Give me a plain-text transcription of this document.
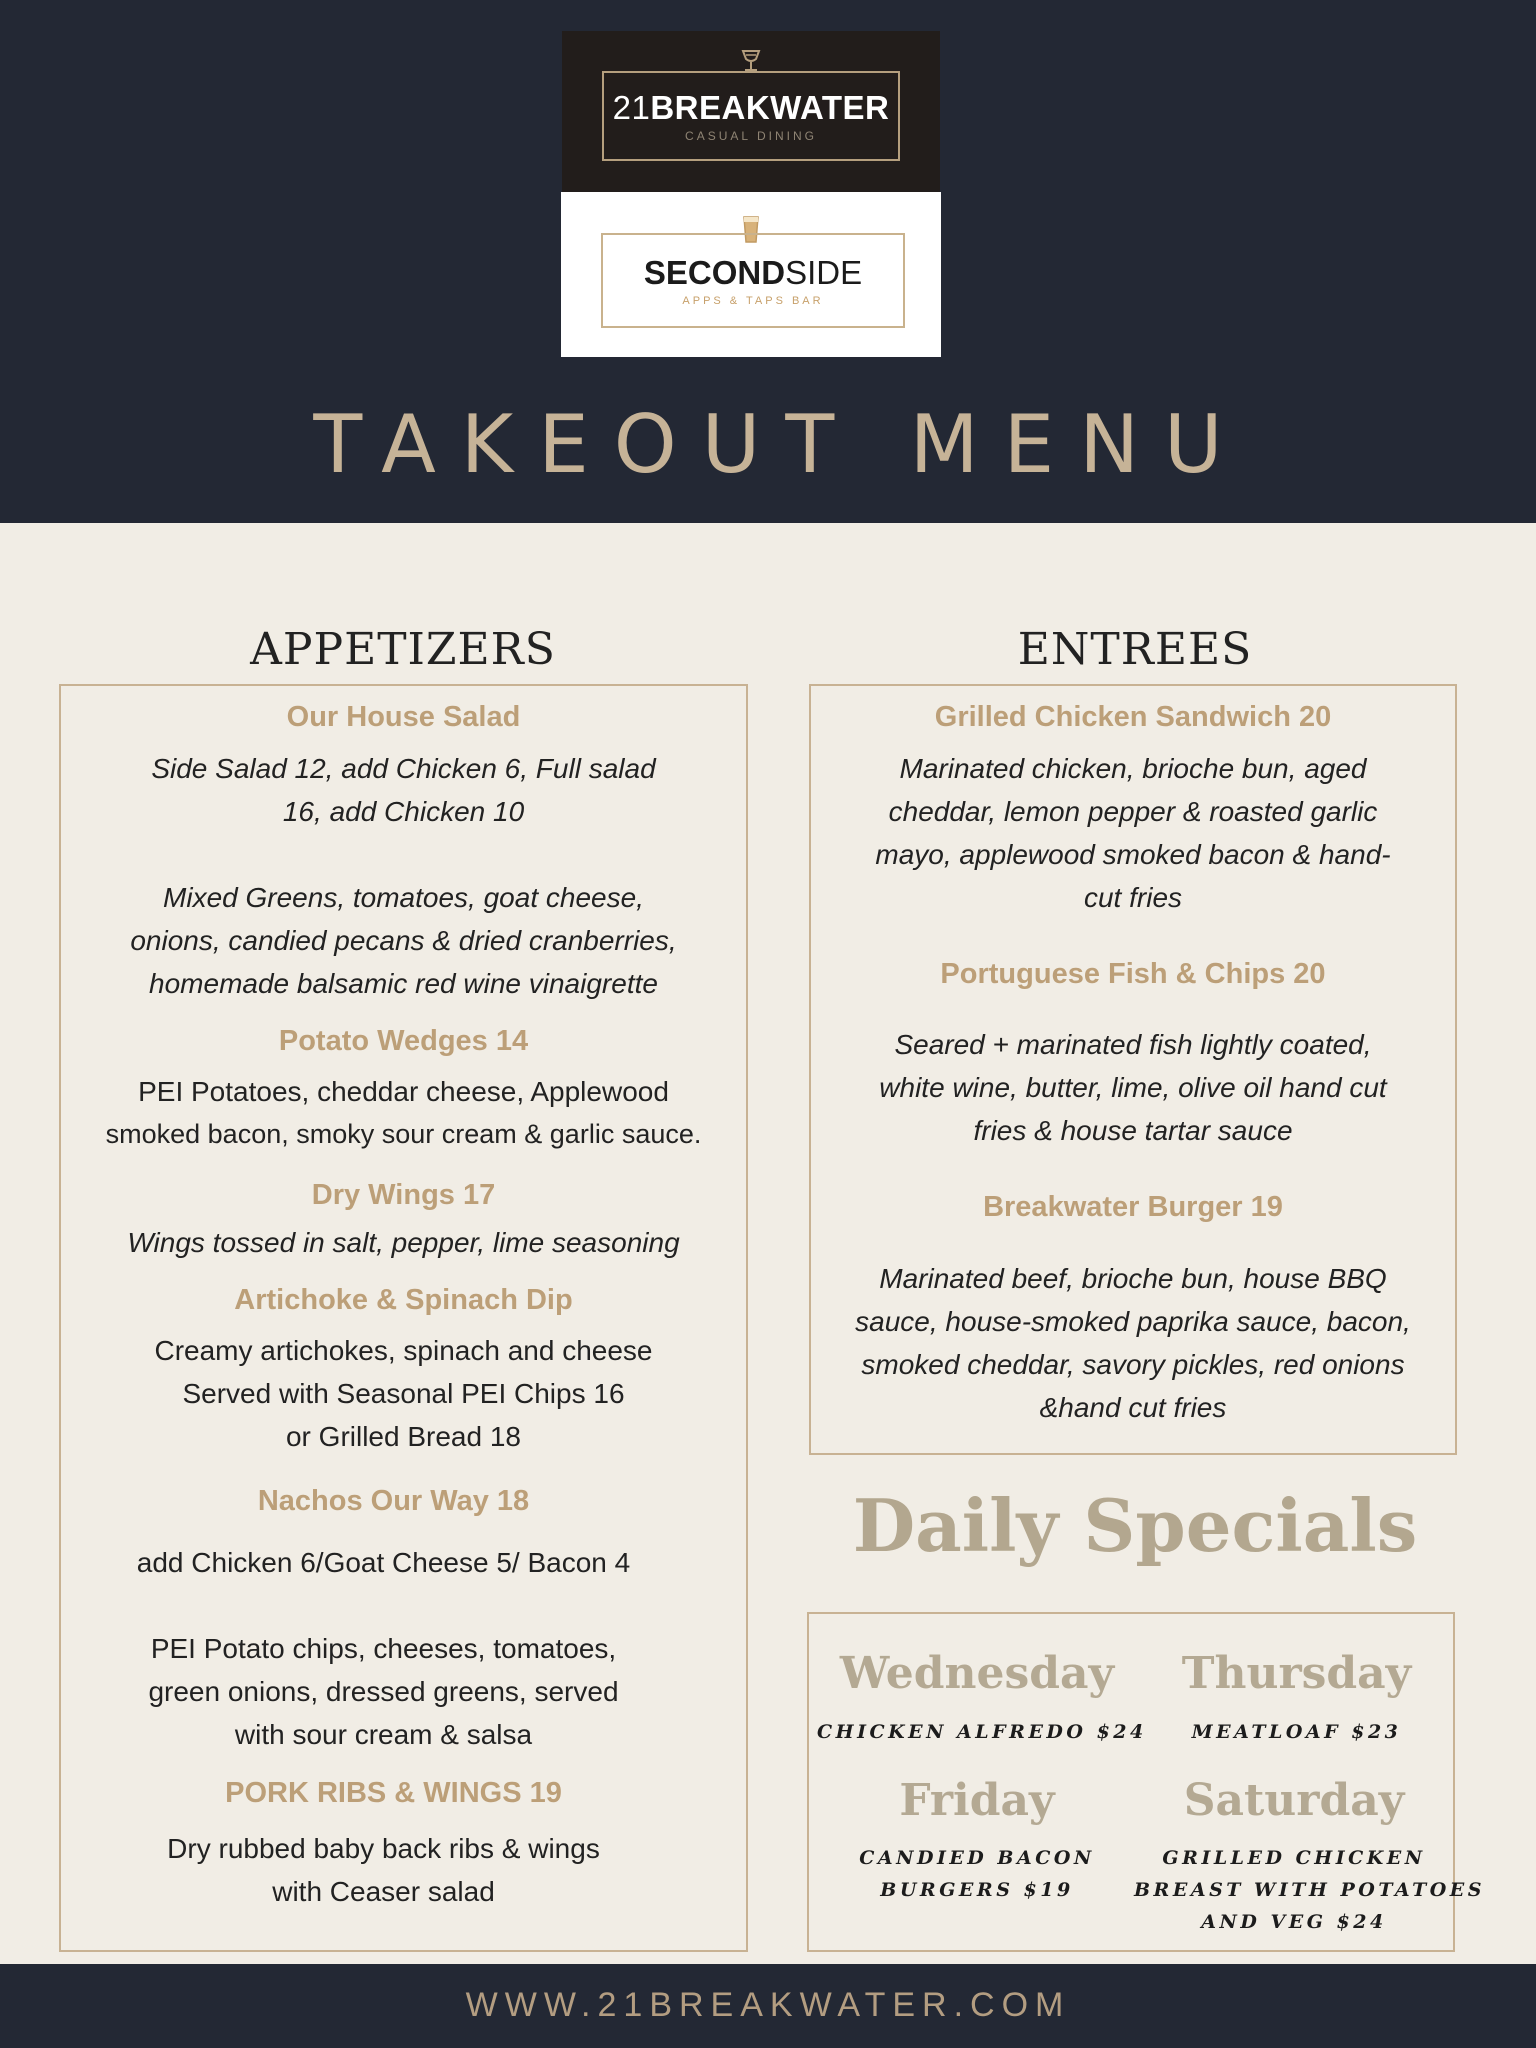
21BREAKWATER
CASUAL DINING
SECONDSIDE
APPS & TAPS BAR
TAKEOUT MENU
APPETIZERS
Our House Salad
Side Salad 12, add Chicken 6, Full salad
16, add Chicken 10
Mixed Greens, tomatoes, goat cheese,
onions, candied pecans & dried cranberries,
homemade balsamic red wine vinaigrette
Potato Wedges 14
PEI Potatoes, cheddar cheese, Applewood
smoked bacon, smoky sour cream & garlic sauce.
Dry Wings 17
Wings tossed in salt, pepper, lime seasoning
Artichoke & Spinach Dip
Creamy artichokes, spinach and cheese
Served with Seasonal PEI Chips 16
or Grilled Bread 18
Nachos Our Way 18
add Chicken 6/Goat Cheese 5/ Bacon 4
PEI Potato chips, cheeses, tomatoes,
green onions, dressed greens, served
with sour cream & salsa
PORK RIBS & WINGS 19
Dry rubbed baby back ribs & wings
with Ceaser salad
ENTREES
Grilled Chicken Sandwich 20
Marinated chicken, brioche bun, aged
cheddar, lemon pepper & roasted garlic
mayo, applewood smoked bacon & hand-
cut fries
Portuguese Fish & Chips 20
Seared + marinated fish lightly coated,
white wine, butter, lime, olive oil hand cut
fries & house tartar sauce
Breakwater Burger 19
Marinated beef, brioche bun, house BBQ
sauce, house-smoked paprika sauce, bacon,
smoked cheddar, savory pickles, red onions
&hand cut fries
Daily Specials
Wednesday
CHICKEN ALFREDO $24
Thursday
MEATLOAF $23
Friday
CANDIED BACON
BURGERS $19
Saturday
GRILLED CHICKEN
BREAST WITH POTATOES
AND VEG $24
WWW.21BREAKWATER.COM
